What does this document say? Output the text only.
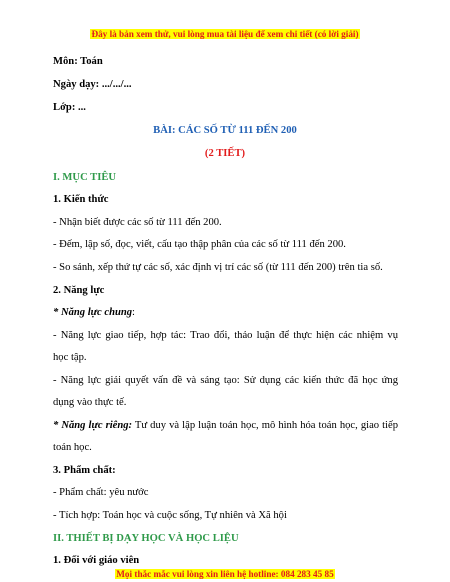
Đây là bản xem thử, vui lòng mua tài liệu để xem chi tiết (có lời giải)
Môn: Toán
Ngày dạy: .../.../...
Lớp: ...
BÀI: CÁC SỐ TỪ 111 ĐẾN 200
(2 TIẾT)
I. MỤC TIÊU
1. Kiến thức
- Nhận biết được các số từ 111 đến 200.
- Đếm, lập số, đọc, viết, cấu tạo thập phân của các số từ 111 đến 200.
- So sánh, xếp thứ tự các số, xác định vị trí các số (từ 111 đến 200) trên tia số.
2. Năng lực
* Năng lực chung:
- Năng lực giao tiếp, hợp tác: Trao đổi, thảo luận để thực hiện các nhiệm vụ
học tập.
- Năng lực giải quyết vấn đề và sáng tạo: Sử dụng các kiến thức đã học ứng
dụng vào thực tế.
* Năng lực riêng: Tư duy và lập luận toán học, mô hình hóa toán học, giao tiếp
toán học.
3. Phẩm chất:
- Phẩm chất: yêu nước
- Tích hợp: Toán học và cuộc sống, Tự nhiên và Xã hội
II. THIẾT BỊ DẠY HỌC VÀ HỌC LIỆU
1. Đối với giáo viên
Mọi thắc mắc vui lòng xin liên hệ hotline: 084 283 45 85
